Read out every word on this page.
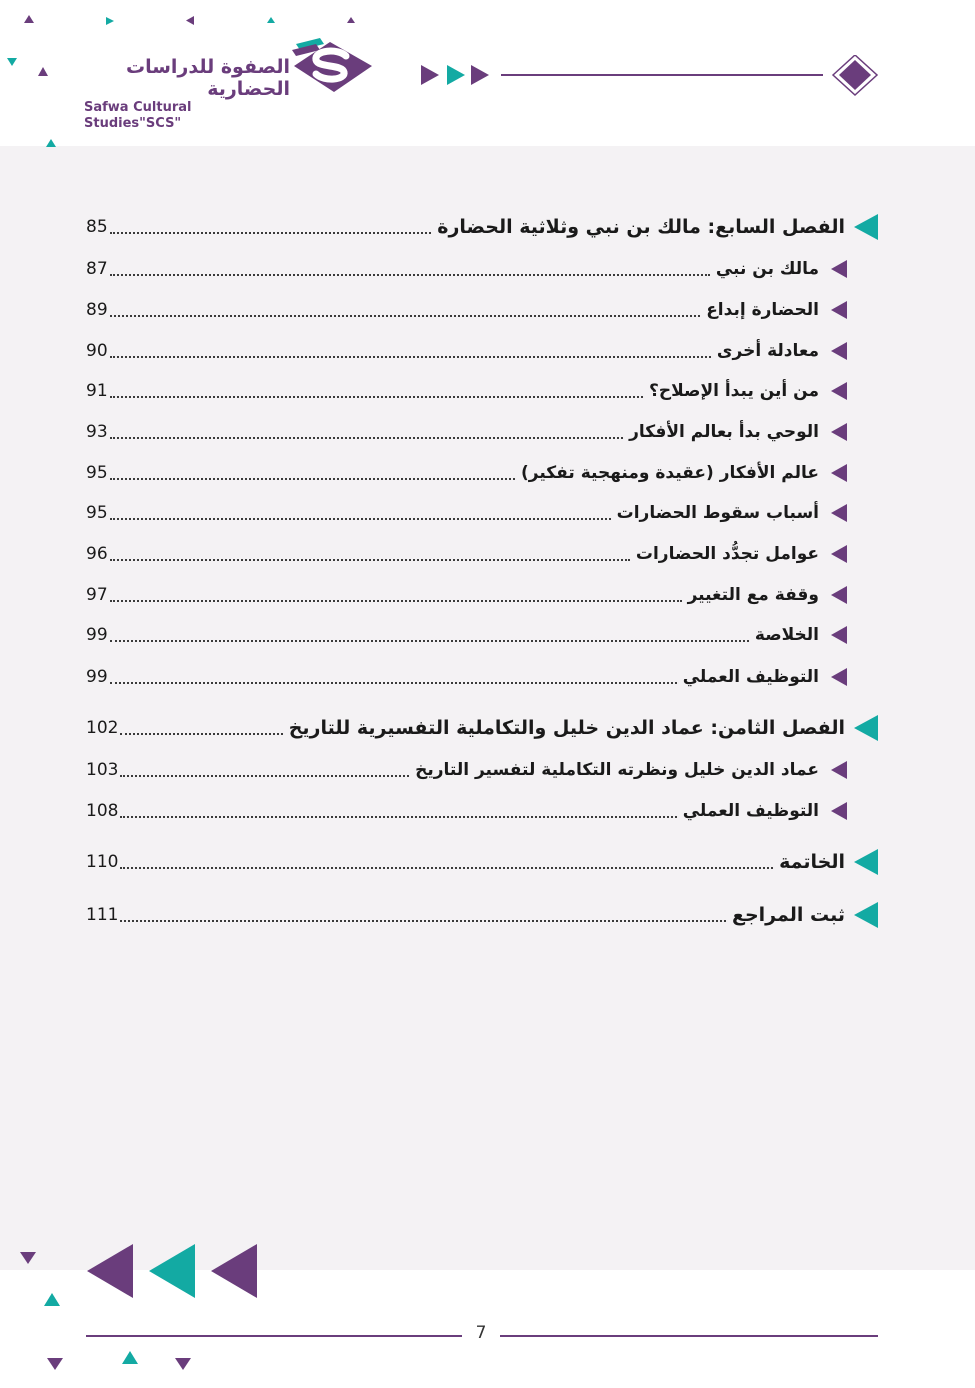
الصفوة للدراسات الحضارية
Safwa Cultural Studies"SCS"
الفصل السابع: مالك بن نبي وثلاثية الحضارة
85
مالك بن نبي
87
الحضارة إبداع
89
معادلة أخرى
90
من أين يبدأ الإصلاح؟
91
الوحي بدأ بعالم الأفكار
93
عالم الأفكار (عقيدة ومنهجية تفكير)
95
أسباب سقوط الحضارات
95
عوامل تجدُّد الحضارات
96
وقفة مع التغيير
97
الخلاصة
99
التوظيف العملي
99
الفصل الثامن: عماد الدين خليل والتكاملية التفسيرية للتاريخ
102
عماد الدين خليل ونظرته التكاملية لتفسير التاريخ
103
التوظيف العملي
108
الخاتمة
110
ثبت المراجع
111
7
